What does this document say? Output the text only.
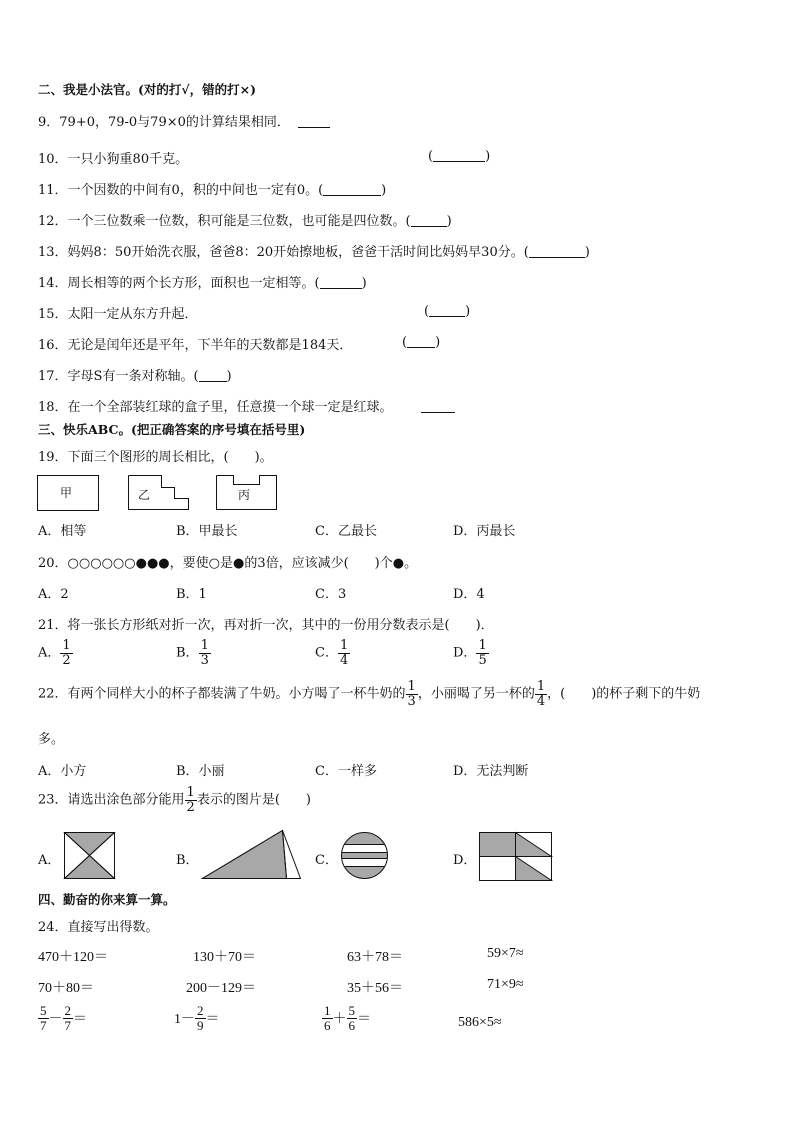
二、我是小法官。(对的打√，错的打×)
9．79+0，79-0与79×0的计算结果相同．
10．一只小狗重80千克。	(	)
11．一个因数的中间有0，积的中间也一定有0。(	)
12．一个三位数乘一位数，积可能是三位数，也可能是四位数。(	)
13．妈妈8：50开始洗衣服，爸爸8：20开始擦地板，爸爸干活时间比妈妈早30分。(	)
14．周长相等的两个长方形，面积也一定相等。(	)
15．太阳一定从东方升起．	(	)
16．无论是闰年还是平年，下半年的天数都是184天．	( )
17．字母S有一条对称轴。( )
18．在一个全部装红球的盒子里，任意摸一个球一定是红球。
三、快乐ABC。(把正确答案的序号填在括号里)
19．下面三个图形的周长相比，(　　)。
甲	乙	丙
A．相等	B．甲最长	C．乙最长	D．丙最长
20．○○○○○○●●●，要使○是●的3倍，应该减少(　　)个●。
A．2	B．1	C．3	D．4
21．将一张长方形纸对折一次，再对折一次，其中的一份用分数表示是(　　)．
A． $\frac{1}{2}$	B． $\frac{1}{3}$	C． $\frac{1}{4}$	D． $\frac{1}{5}$
22．有两个同样大小的杯子都装满了牛奶。小方喝了一杯牛奶的 $\frac{1}{3}$ ，小丽喝了另一杯的 $\frac{1}{4}$ ，(　　)的杯子剩下的牛奶
多。
A．小方	B．小丽	C．一样多	D．无法判断
23．请选出涂色部分能用 $\frac{1}{2}$ 表示的图片是(　　)
A．	B．	C．	D．
四、勤奋的你来算一算。
24．直接写出得数。
470＋120＝	130＋70＝	63＋78＝	59×7≈
70＋80＝	200－129＝	35＋56＝	71×9≈
$\frac{5}{7} - \frac{2}{7}$ ＝	$1- \frac{2}{9}$ ＝	$\frac{1}{6} + \frac{5}{6}$ ＝	586×5≈
